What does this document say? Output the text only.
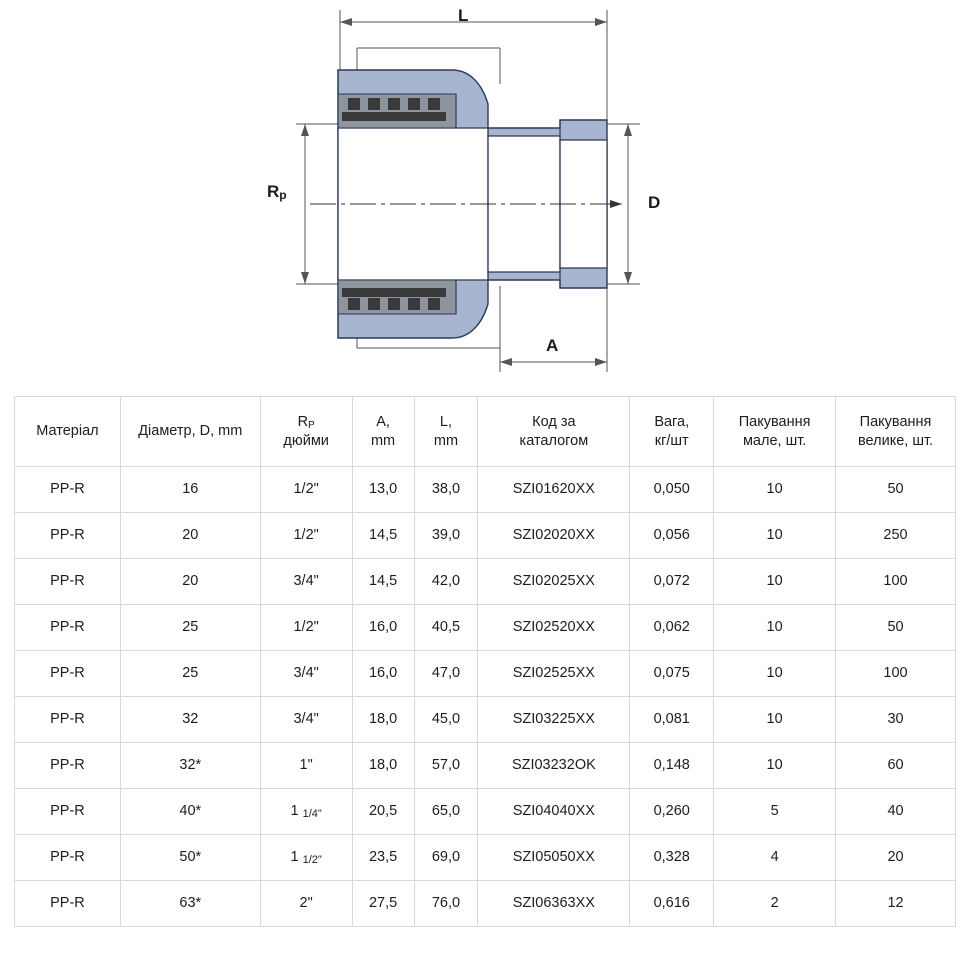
L
Rp	D
A
Матеріал	Діаметр, D, mm	RP
дюйми	A,
mm	L,
mm	Код за
каталогом	Вага,
кг/шт	Пакування
мале, шт.	Пакування
велике, шт.

PP-R	16	1/2"	13,0	38,0	SZI01620XX	0,050	10	50
PP-R	20	1/2"	14,5	39,0	SZI02020XX	0,056	10	250
PP-R	20	3/4"	14,5	42,0	SZI02025XX	0,072	10	100
PP-R	25	1/2"	16,0	40,5	SZI02520XX	0,062	10	50
PP-R	25	3/4"	16,0	47,0	SZI02525XX	0,075	10	100
PP-R	32	3/4"	18,0	45,0	SZI03225XX	0,081	10	30
PP-R	32*	1"	18,0	57,0	SZI03232OK	0,148	10	60
PP-R	40*	1 1/4"	20,5	65,0	SZI04040XX	0,260	5	40
PP-R	50*	1 1/2"	23,5	69,0	SZI05050XX	0,328	4	20
PP-R	63*	2"	27,5	76,0	SZI06363XX	0,616	2	12
